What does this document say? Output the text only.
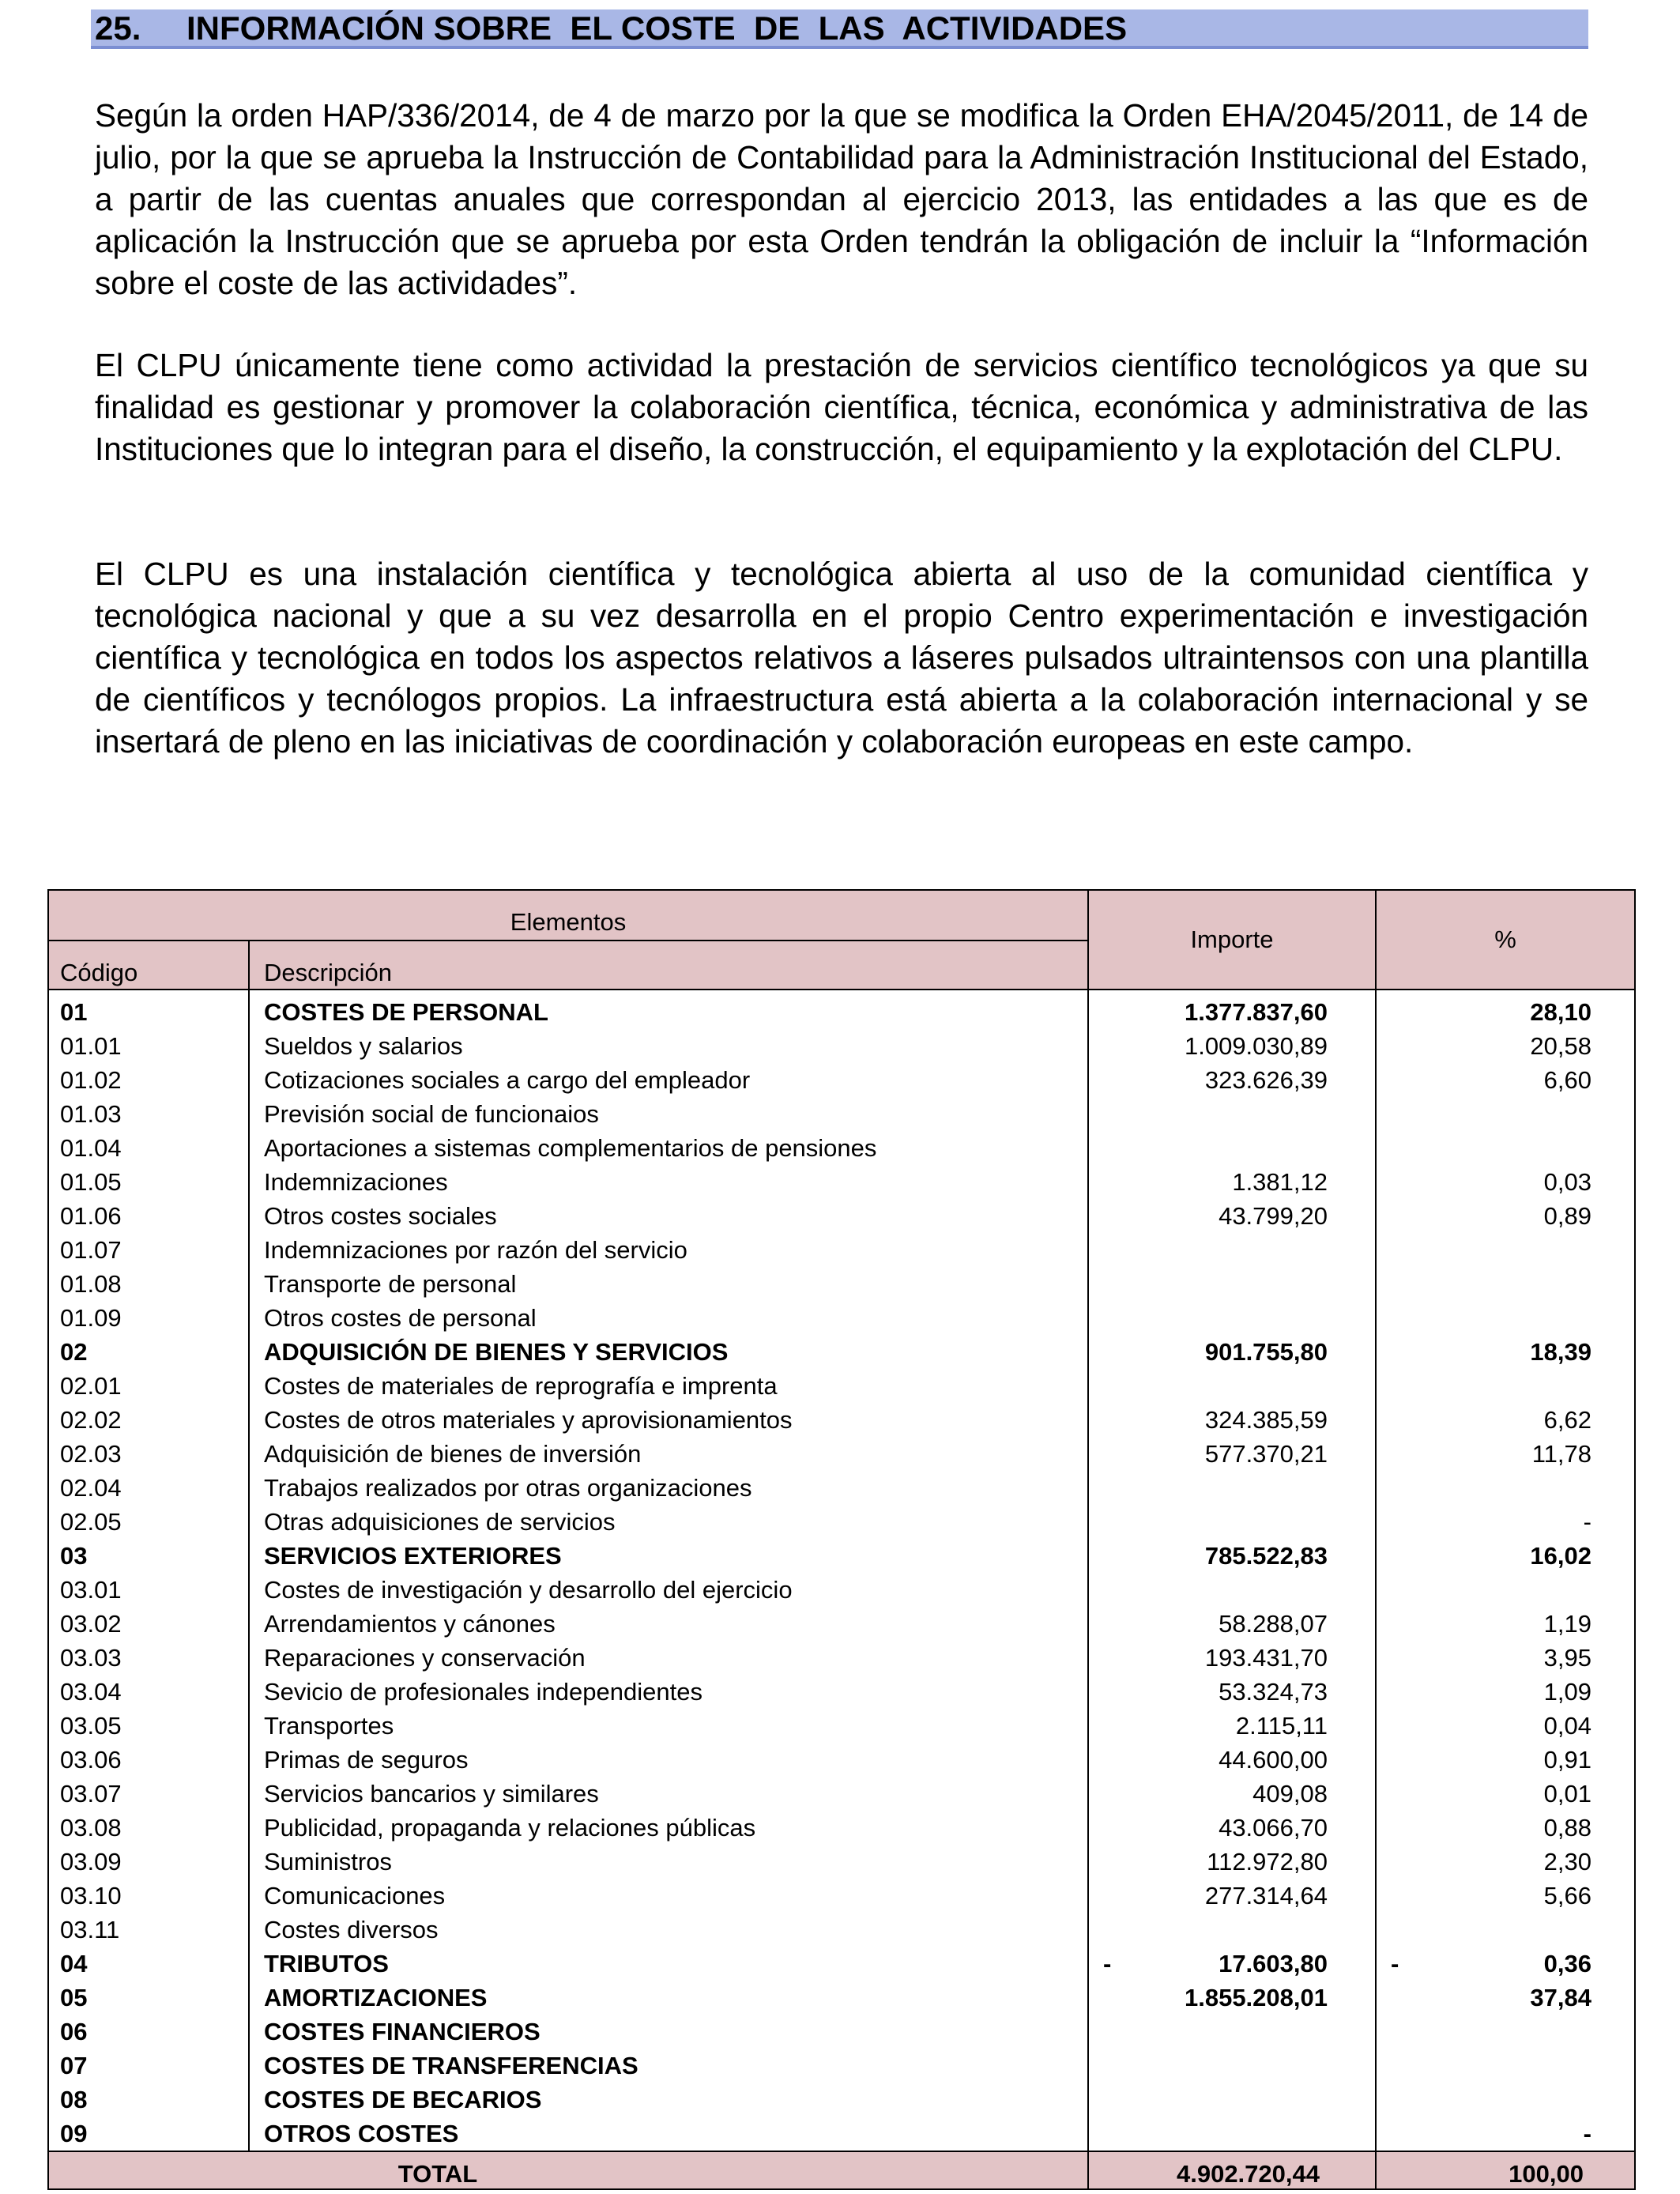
25. INFORMACIÓN SOBRE  EL COSTE  DE  LAS  ACTIVIDADES

Según la orden HAP/336/2014, de 4 de marzo por la que se modifica la Orden EHA/2045/2011, de 14 de julio, por la que se aprueba la Instrucción de Contabilidad para la Administración Institucional del Estado, a partir de las cuentas anuales que correspondan al ejercicio 2013, las entidades a las que es de aplicación la Instrucción que se aprueba por esta Orden tendrán la obligación de incluir la “Información sobre el coste de las actividades”.

El CLPU únicamente tiene como actividad la prestación de servicios científico tecnológicos ya que su finalidad es gestionar y promover la colaboración científica, técnica, económica y administrativa de las Instituciones que lo integran para el diseño, la construcción, el equipamiento y la explotación del CLPU.

El CLPU es una instalación científica y tecnológica abierta al uso de la comunidad científica y tecnológica nacional y que a su vez desarrolla en el propio Centro experimentación e investigación científica y tecnológica en todos los aspectos relativos a láseres pulsados ultraintensos con una plantilla de científicos y tecnólogos propios. La infraestructura está abierta a la colaboración internacional y se insertará de pleno en las iniciativas de coordinación y colaboración europeas en este campo.

Elementos		Importe	%
Código	Descripción		
01	COSTES DE PERSONAL	1.377.837,60	28,10
01.01	Sueldos y salarios	1.009.030,89	20,58
01.02	Cotizaciones sociales a cargo del empleador	323.626,39	6,60
01.03	Previsión social de funcionaios		
01.04	Aportaciones a sistemas complementarios de pensiones		
01.05	Indemnizaciones	1.381,12	0,03
01.06	Otros costes sociales	43.799,20	0,89
01.07	Indemnizaciones por razón del servicio		
01.08	Transporte de personal		
01.09	Otros costes de personal		
02	ADQUISICIÓN DE BIENES Y SERVICIOS	901.755,80	18,39
02.01	Costes de materiales de reprografía e imprenta		
02.02	Costes de otros materiales y aprovisionamientos	324.385,59	6,62
02.03	Adquisición de bienes de inversión	577.370,21	11,78
02.04	Trabajos realizados por otras organizaciones		
02.05	Otras adquisiciones de servicios		-
03	SERVICIOS EXTERIORES	785.522,83	16,02
03.01	Costes de investigación y desarrollo del ejercicio		
03.02	Arrendamientos y cánones	58.288,07	1,19
03.03	Reparaciones y conservación	193.431,70	3,95
03.04	Sevicio de profesionales independientes	53.324,73	1,09
03.05	Transportes	2.115,11	0,04
03.06	Primas de seguros	44.600,00	0,91
03.07	Servicios bancarios y similares	409,08	0,01
03.08	Publicidad, propaganda y relaciones públicas	43.066,70	0,88
03.09	Suministros	112.972,80	2,30
03.10	Comunicaciones	277.314,64	5,66
03.11	Costes diversos		
04	TRIBUTOS	- 17.603,80	- 0,36
05	AMORTIZACIONES	1.855.208,01	37,84
06	COSTES FINANCIEROS		
07	COSTES DE TRANSFERENCIAS		
08	COSTES DE BECARIOS		
09	OTROS COSTES		-
TOTAL		4.902.720,44	100,00
